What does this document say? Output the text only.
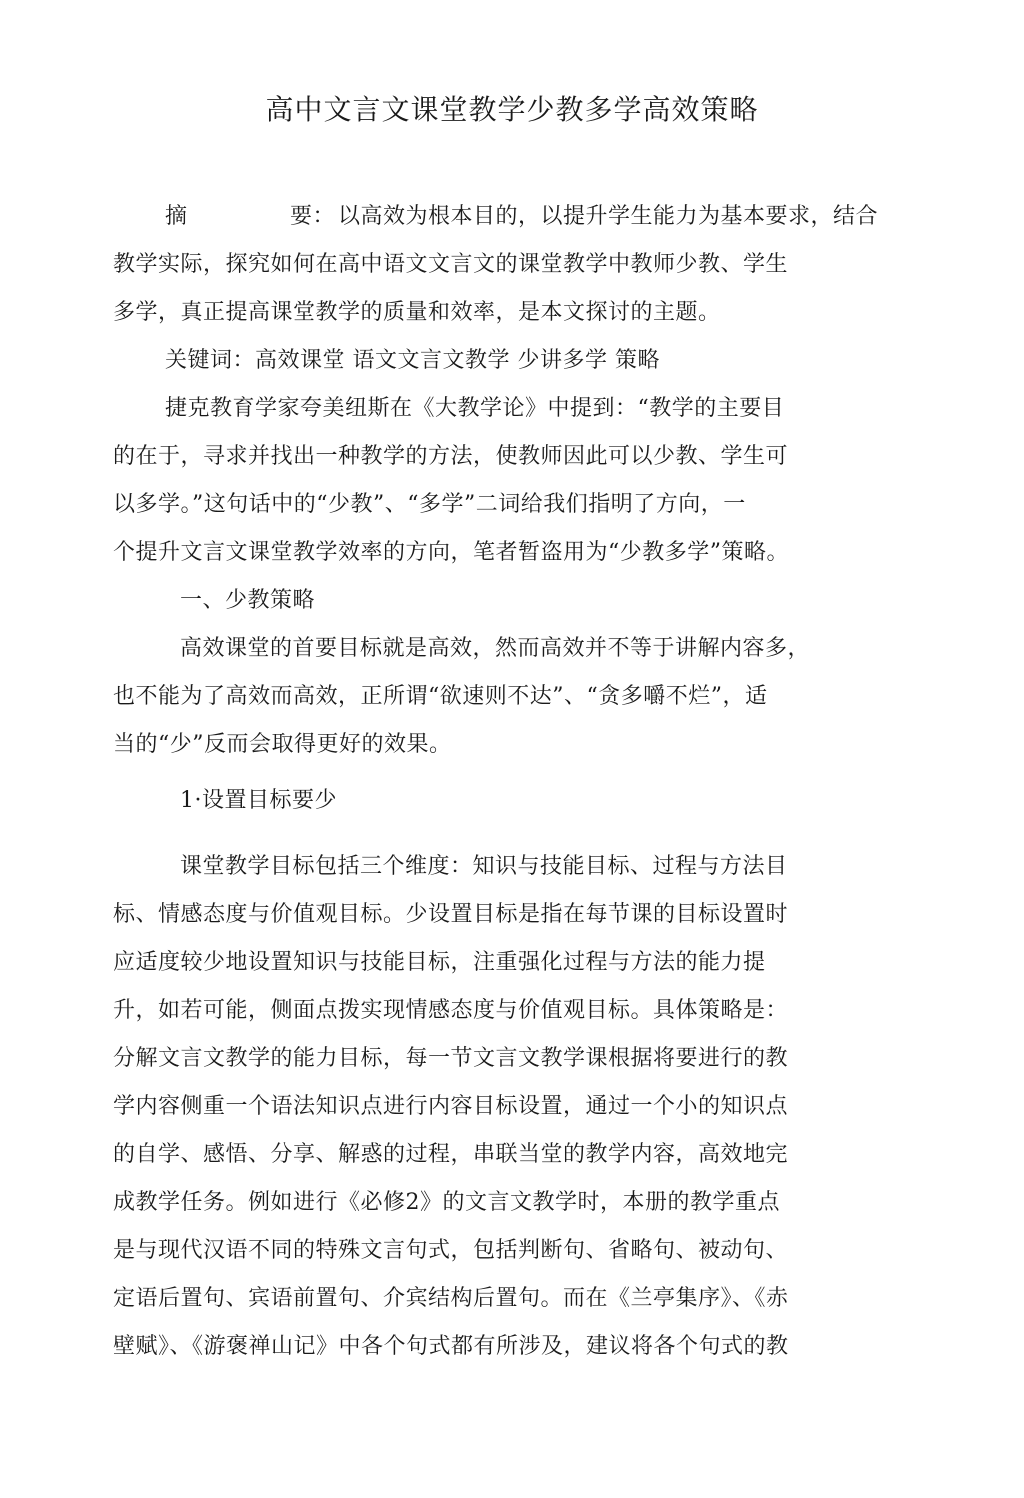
高中文言文课堂教学少教多学高效策略
摘	要： 以高效为根本目的，以提升学生能力为基本要求，结合
教学实际，探究如何在高中语文文言文的课堂教学中教师少教、学生
多学，真正提高课堂教学的质量和效率，是本文探讨的主题。
关键词：高效课堂 语文文言文教学 少讲多学 策略
捷克教育学家夸美纽斯在《大教学论》中提到：“教学的主要目
的在于，寻求并找出一种教学的方法，使教师因此可以少教、学生可
以多学。”这句话中的“少教”、“多学”二词给我们指明了方向，一
个提升文言文课堂教学效率的方向，笔者暂盗用为“少教多学”策略。
一、少教策略
高效课堂的首要目标就是高效，然而高效并不等于讲解内容多，
也不能为了高效而高效，正所谓“欲速则不达”、“贪多嚼不烂”，适
当的“少”反而会取得更好的效果。
1·设置目标要少
课堂教学目标包括三个维度：知识与技能目标、过程与方法目
标、情感态度与价值观目标。少设置目标是指在每节课的目标设置时
应适度较少地设置知识与技能目标，注重强化过程与方法的能力提
升，如若可能，侧面点拨实现情感态度与价值观目标。具体策略是：
分解文言文教学的能力目标，每一节文言文教学课根据将要进行的教
学内容侧重一个语法知识点进行内容目标设置，通过一个小的知识点
的自学、感悟、分享、解惑的过程，串联当堂的教学内容，高效地完
成教学任务。例如进行《必修2》的文言文教学时，本册的教学重点
是与现代汉语不同的特殊文言句式，包括判断句、省略句、被动句、
定语后置句、宾语前置句、介宾结构后置句。而在《兰亭集序》、《赤
壁赋》、《游褒禅山记》中各个句式都有所涉及，建议将各个句式的教
